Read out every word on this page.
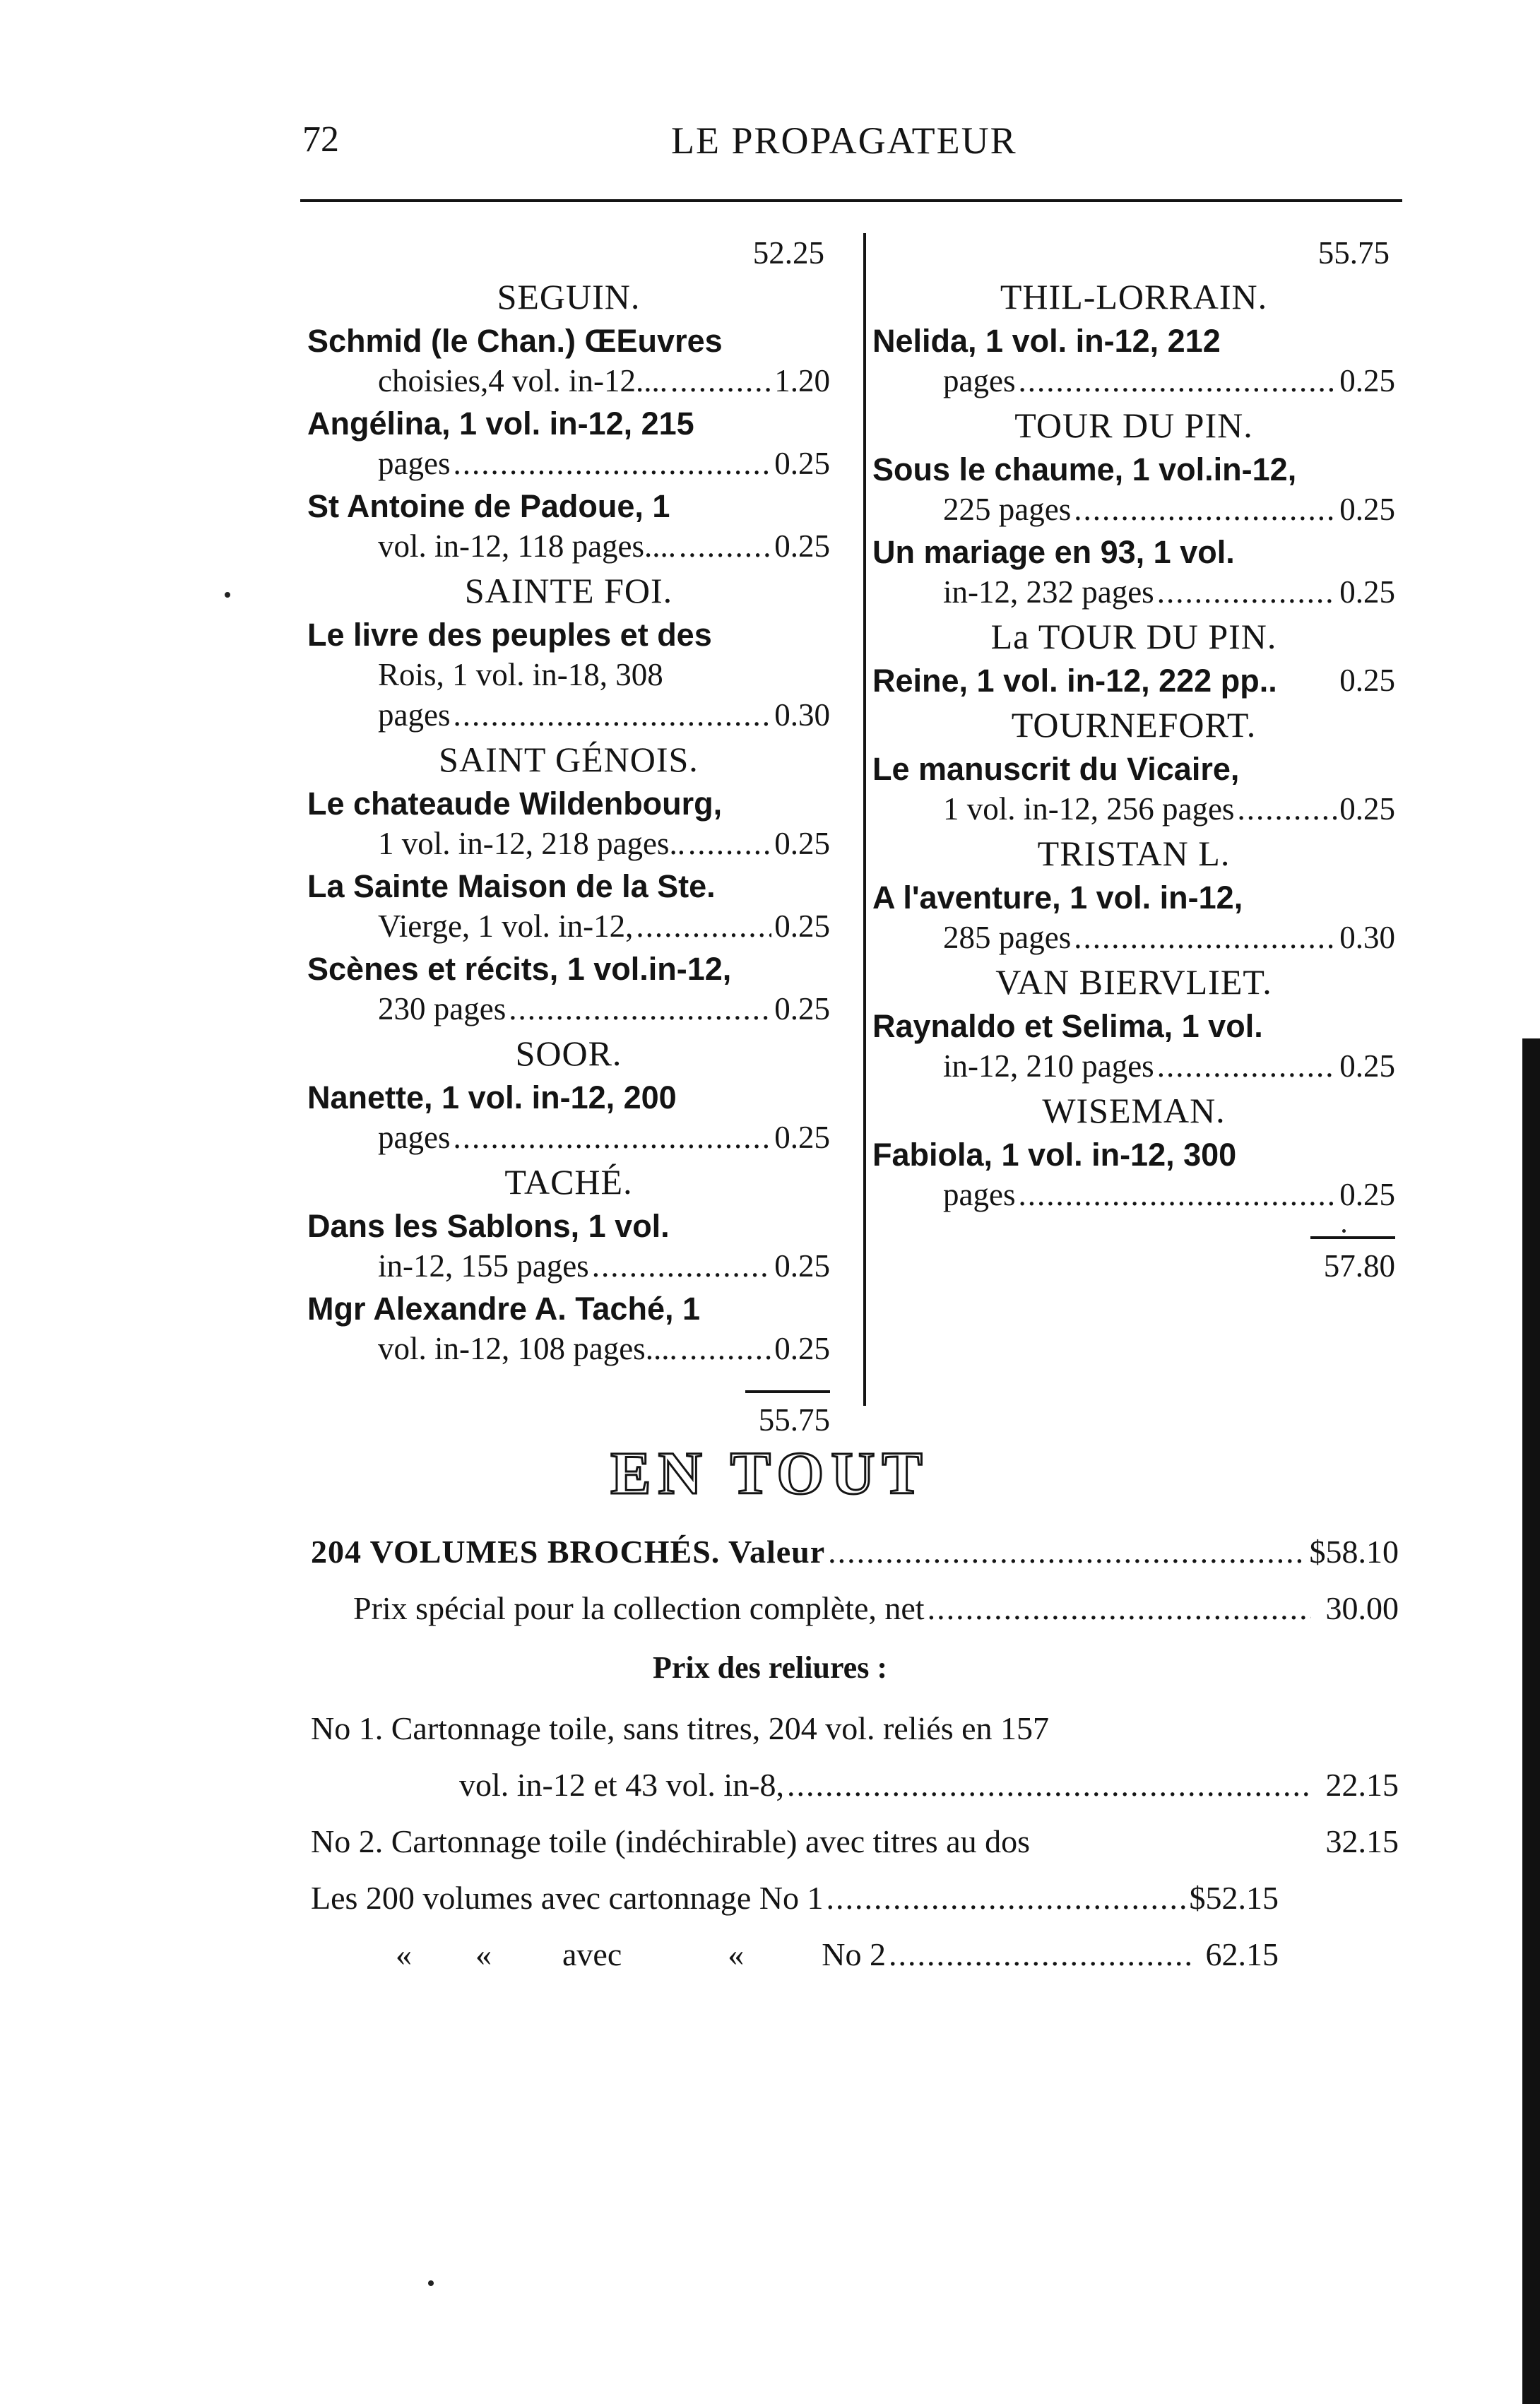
72	LE PROPAGATEUR
52.25
SEGUIN.
Schmid (le Chan.) ŒEuvres
choisies,4 vol. in-12.... .....	1.20
Angélina, 1 vol. in-12, 215
pages .....	0.25
St Antoine de Padoue, 1
vol. in-12, 118 pages.... .....	0.25
SAINTE FOI.
Le livre des peuples et des
Rois, 1 vol. in-18, 308
pages .....	0.30
SAINT GÉNOIS.
Le chateaude Wildenbourg,
1 vol. in-12, 218 pages.. .....	0.25
La Sainte Maison de la Ste.
Vierge, 1 vol. in-12, .....	0.25
Scènes et récits, 1 vol.in-12,
230 pages .....	0.25
SOOR.
Nanette, 1 vol. in-12, 200
pages .....	0.25
TACHÉ.
Dans les Sablons, 1 vol.
in-12, 155 pages .....	0.25
Mgr Alexandre A. Taché, 1
vol. in-12, 108 pages.... .....	0.25
55.75
55.75
THIL-LORRAIN.
Nelida, 1 vol. in-12, 212
pages .....	0.25
TOUR DU PIN.
Sous le chaume, 1 vol.in-12,
225 pages .....	0.25
Un mariage en 93, 1 vol.
in-12, 232 pages .....	0.25
La TOUR DU PIN.
Reine, 1 vol. in-12, 222 pp.. 0.25
TOURNEFORT.
Le manuscrit du Vicaire,
1 vol. in-12, 256 pages .....	0.25
TRISTAN L.
A l'aventure, 1 vol. in-12,
285 pages .....	0.30
VAN BIERVLIET.
Raynaldo et Selima, 1 vol.
in-12, 210 pages .....	0.25
WISEMAN.
Fabiola, 1 vol. in-12, 300
pages .....	0.25
57.80
EN TOUT
204 VOLUMES BROCHÉS. Valeur .....	$58.10
Prix spécial pour la collection complète, net .....	30.00
Prix des reliures :
No 1. Cartonnage toile, sans titres, 204 vol. reliés en 157
vol. in-12 et 43 vol. in-8, .....	22.15
No 2. Cartonnage toile (indéchirable) avec titres au dos	32.15
Les 200 volumes avec cartonnage No 1 .....	$52.15
« « avec	« No 2 .....	62.15
